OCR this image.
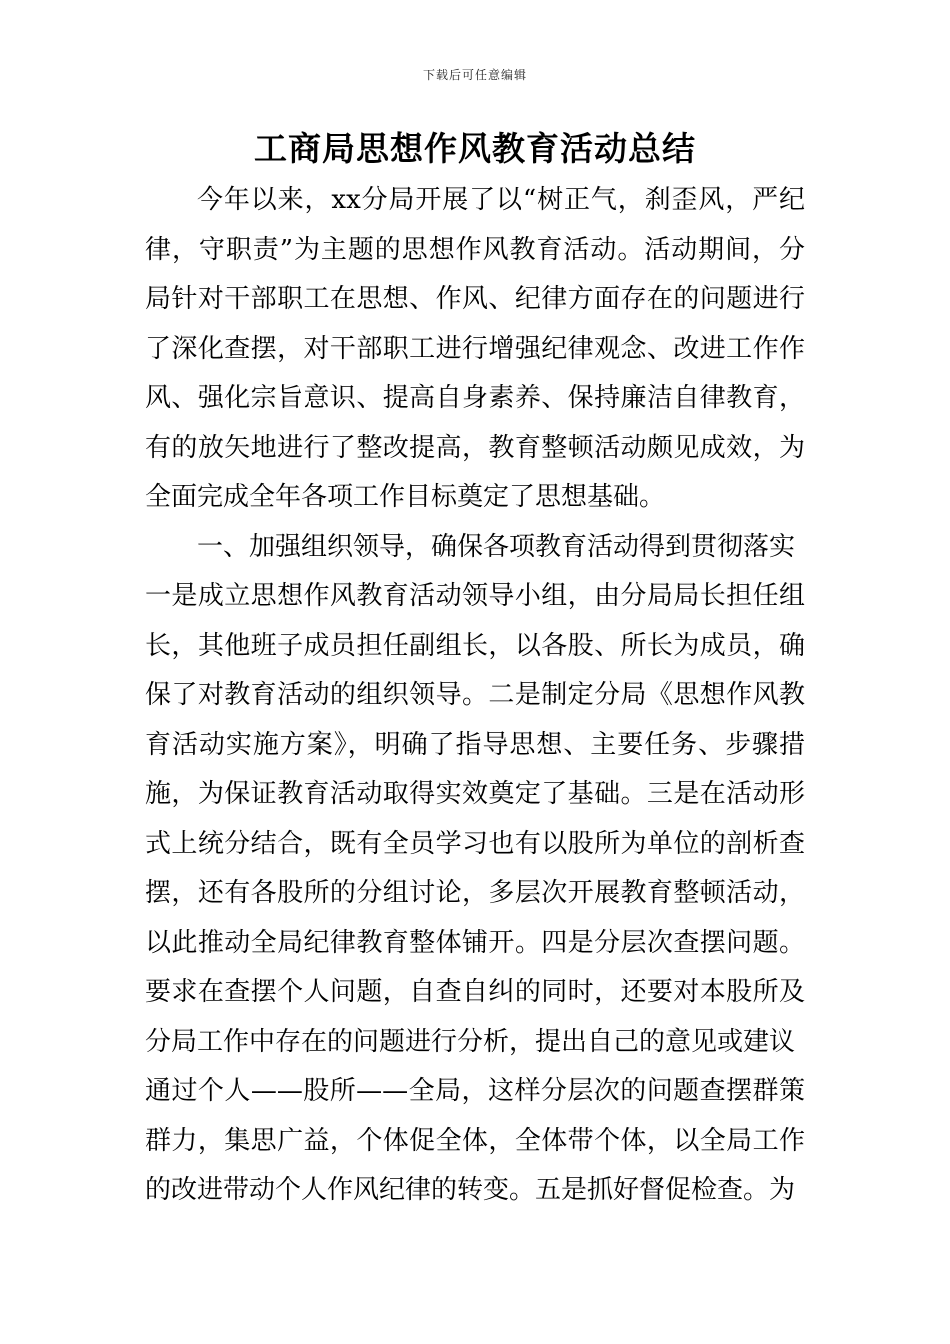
下载后可任意编辑
工商局思想作风教育活动总结

今年以来，xx分局开展了以“树正气，刹歪风，严纪律，守职责”为主题的思想作风教育活动。活动期间，分局针对干部职工在思想、作风、纪律方面存在的问题进行了深化查摆，对干部职工进行增强纪律观念、改进工作作风、强化宗旨意识、提高自身素养、保持廉洁自律教育，有的放矢地进行了整改提高，教育整顿活动颇见成效，为全面完成全年各项工作目标奠定了思想基础。

一、加强组织领导，确保各项教育活动得到贯彻落实

一是成立思想作风教育活动领导小组，由分局局长担任组长，其他班子成员担任副组长，以各股、所长为成员，确保了对教育活动的组织领导。二是制定分局《思想作风教育活动实施方案》，明确了指导思想、主要任务、步骤措施，为保证教育活动取得实效奠定了基础。三是在活动形式上统分结合，既有全员学习也有以股所为单位的剖析查摆，还有各股所的分组讨论，多层次开展教育整顿活动，以此推动全局纪律教育整体铺开。四是分层次查摆问题。要求在查摆个人问题，自查自纠的同时，还要对本股所及分局工作中存在的问题进行分析，提出自己的意见或建议

通过个人——股所——全局，这样分层次的问题查摆群策群力，集思广益，个体促全体，全体带个体，以全局工作的改进带动个人作风纪律的转变。五是抓好督促检查。为
